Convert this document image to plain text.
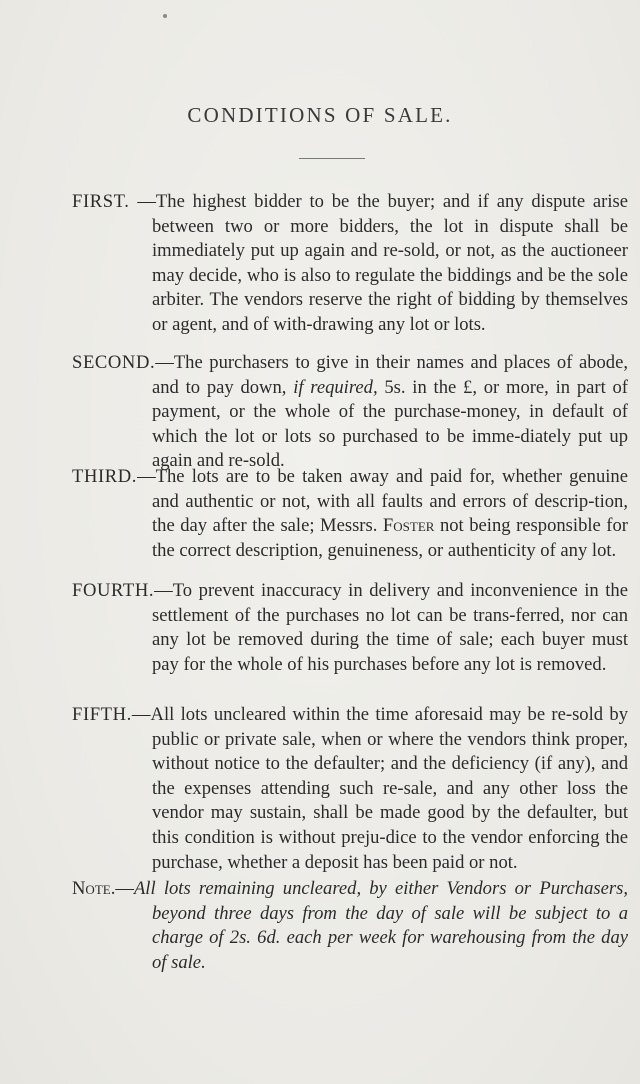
CONDITIONS OF SALE.
FIRST. —The highest bidder to be the buyer; and if any dispute arise between two or more bidders, the lot in dispute shall be immediately put up again and re-sold, or not, as the auctioneer may decide, who is also to regulate the biddings and be the sole arbiter. The vendors reserve the right of bidding by themselves or agent, and of with-drawing any lot or lots.
SECOND.—The purchasers to give in their names and places of abode, and to pay down, if required, 5s. in the £, or more, in part of payment, or the whole of the purchase-money, in default of which the lot or lots so purchased to be imme-diately put up again and re-sold.
THIRD.—The lots are to be taken away and paid for, whether genuine and authentic or not, with all faults and errors of descrip-tion, the day after the sale; Messrs. Foster not being responsible for the correct description, genuineness, or authenticity of any lot.
FOURTH.—To prevent inaccuracy in delivery and inconvenience in the settlement of the purchases no lot can be trans-ferred, nor can any lot be removed during the time of sale; each buyer must pay for the whole of his purchases before any lot is removed.
FIFTH.—All lots uncleared within the time aforesaid may be re-sold by public or private sale, when or where the vendors think proper, without notice to the defaulter; and the deficiency (if any), and the expenses attending such re-sale, and any other loss the vendor may sustain, shall be made good by the defaulter, but this condition is without preju-dice to the vendor enforcing the purchase, whether a deposit has been paid or not.
Note.—All lots remaining uncleared, by either Vendors or Purchasers, beyond three days from the day of sale will be subject to a charge of 2s. 6d. each per week for warehousing from the day of sale.
